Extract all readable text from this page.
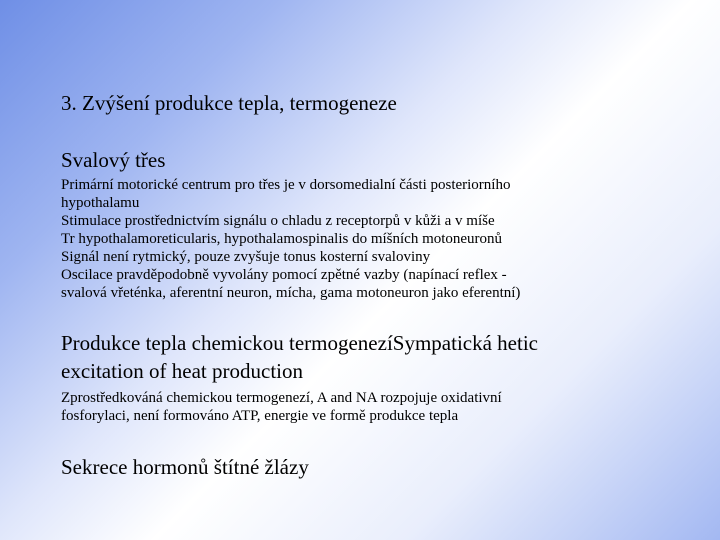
3. Zvýšení produkce tepla, termogeneze

Svalový třes

Primární motorické centrum pro třes je v dorsomedialní části posteriorního
hypothalamu
Stimulace prostřednictvím signálu o chladu z receptorpů v kůži a v míše
Tr hypothalamoreticularis, hypothalamospinalis do míšních motoneuronů
Signál není rytmický, pouze zvyšuje tonus kosterní svaloviny
Oscilace pravděpodobně vyvolány pomocí zpětné vazby (napínací reflex -
svalová vřeténka, aferentní neuron, mícha, gama motoneuron jako eferentní)
Produkce tepla chemickou termogenezíSympatická hetic
excitation of heat production
Zprostředkováná chemickou termogenezí, A and NA rozpojuje oxidativní
fosforylaci, není formováno ATP, energie ve formě produkce tepla

Sekrece hormonů štítné žlázy
